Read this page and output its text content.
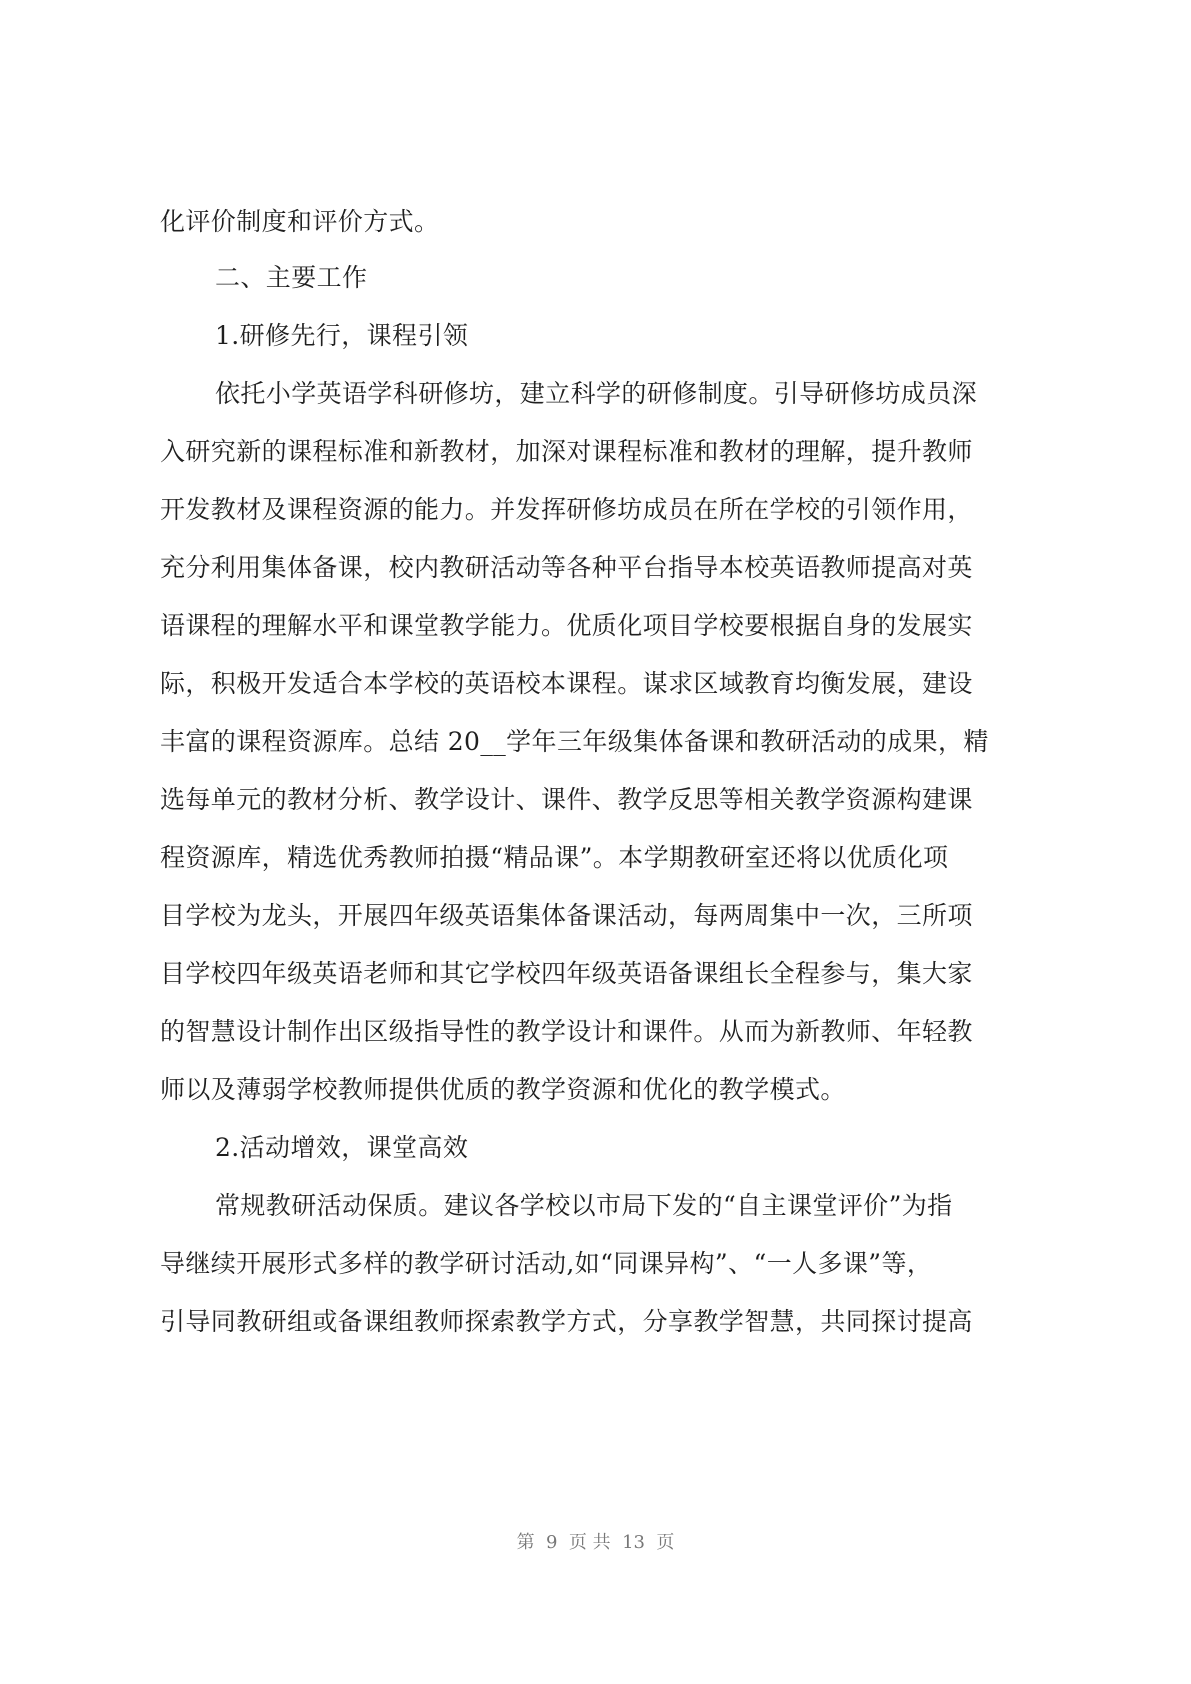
化评价制度和评价方式。
二、主要工作
1.研修先行，课程引领
依托小学英语学科研修坊，建立科学的研修制度。引导研修坊成员深
入研究新的课程标准和新教材，加深对课程标准和教材的理解，提升教师
开发教材及课程资源的能力。并发挥研修坊成员在所在学校的引领作用，
充分利用集体备课，校内教研活动等各种平台指导本校英语教师提高对英
语课程的理解水平和课堂教学能力。优质化项目学校要根据自身的发展实
际，积极开发适合本学校的英语校本课程。谋求区域教育均衡发展，建设
丰富的课程资源库。总结 20__学年三年级集体备课和教研活动的成果，精
选每单元的教材分析、教学设计、课件、教学反思等相关教学资源构建课
程资源库，精选优秀教师拍摄“精品课”。本学期教研室还将以优质化项
目学校为龙头，开展四年级英语集体备课活动，每两周集中一次，三所项
目学校四年级英语老师和其它学校四年级英语备课组长全程参与，集大家
的智慧设计制作出区级指导性的教学设计和课件。从而为新教师、年轻教
师以及薄弱学校教师提供优质的教学资源和优化的教学模式。
2.活动增效，课堂高效
常规教研活动保质。建议各学校以市局下发的“自主课堂评价”为指
导继续开展形式多样的教学研讨活动,如“同课异构”、“一人多课”等，
引导同教研组或备课组教师探索教学方式，分享教学智慧，共同探讨提高
第  9  页 共  13  页
